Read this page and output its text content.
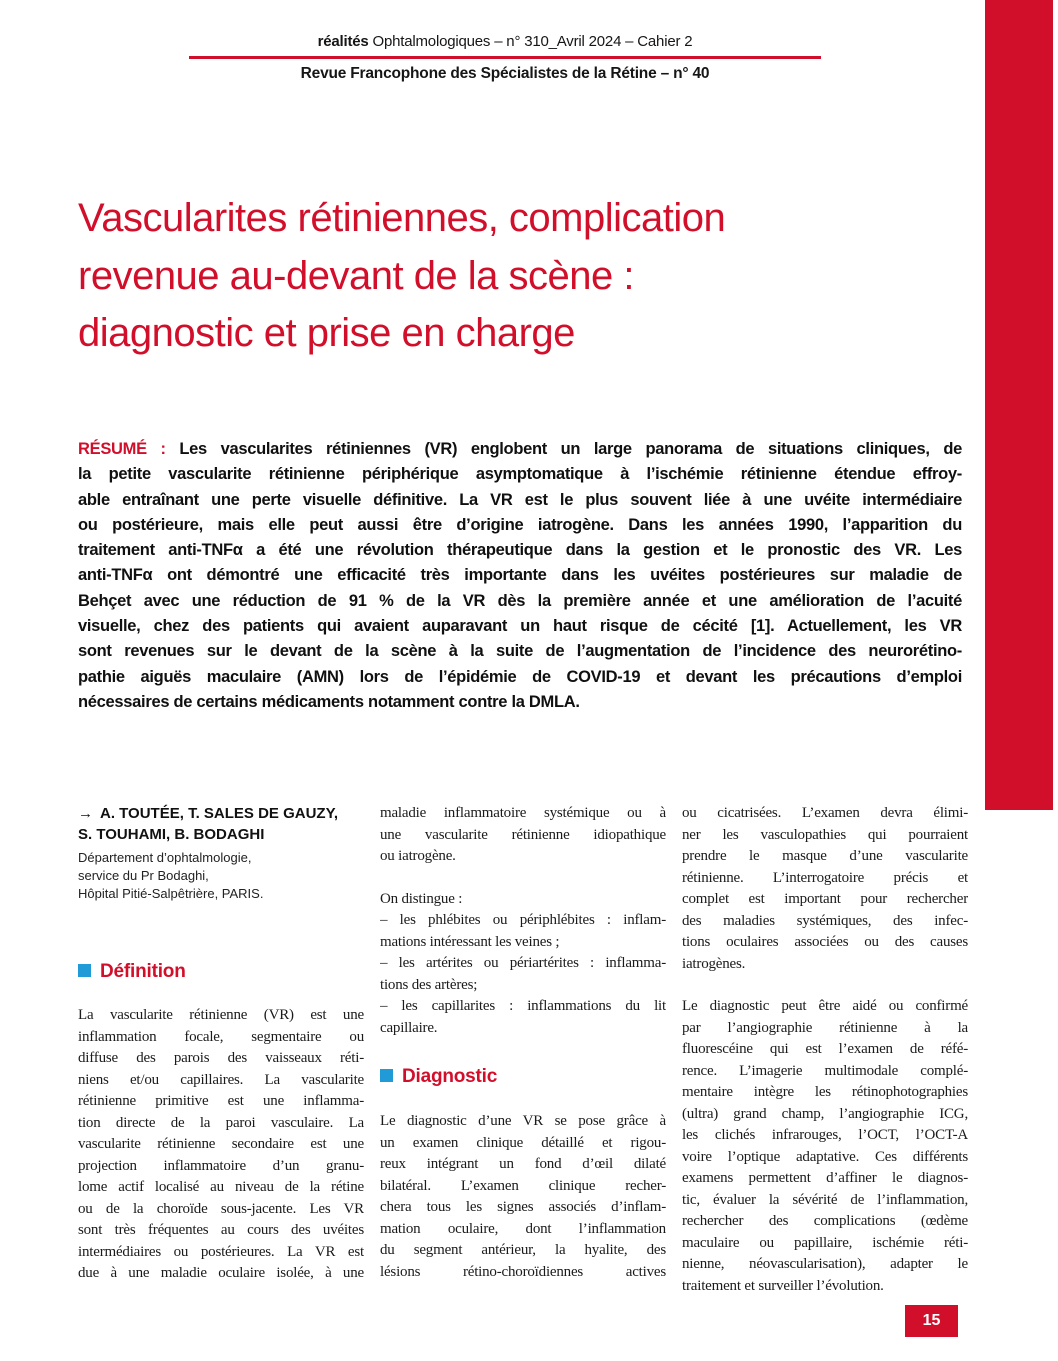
réalités Ophtalmologiques – n° 310_Avril 2024 – Cahier 2
Revue Francophone des Spécialistes de la Rétine – n° 40
Vascularites rétiniennes, complication
revenue au-devant de la scène :
diagnostic et prise en charge
RÉSUMÉ : Les vascularites rétiniennes (VR) englobent un large panorama de situations cliniques, de
la petite vascularite rétinienne périphérique asymptomatique à l’ischémie rétinienne étendue effroy-
able entraînant une perte visuelle définitive. La VR est le plus souvent liée à une uvéite intermédiaire
ou postérieure, mais elle peut aussi être d’origine iatrogène. Dans les années 1990, l’apparition du
traitement anti-TNFα a été une révolution thérapeutique dans la gestion et le pronostic des VR. Les
anti-TNFα ont démontré une efficacité très importante dans les uvéites postérieures sur maladie de
Behçet avec une réduction de 91 % de la VR dès la première année et une amélioration de l’acuité
visuelle, chez des patients qui avaient auparavant un haut risque de cécité [1]. Actuellement, les VR
sont revenues sur le devant de la scène à la suite de l’augmentation de l’incidence des neurorétino-
pathie aiguës maculaire (AMN) lors de l’épidémie de COVID-19 et devant les précautions d’emploi
nécessaires de certains médicaments notamment contre la DMLA.
→ A. TOUTÉE, T. SALES DE GAUZY,
S. TOUHAMI, B. BODAGHI
Département d’ophtalmologie,
service du Pr Bodaghi,
Hôpital Pitié-Salpêtrière, PARIS.
Définition
La vascularite rétinienne (VR) est une
inflammation focale, segmentaire ou
diffuse des parois des vaisseaux réti-
niens et/ou capillaires. La vascularite
rétinienne primitive est une inflamma-
tion directe de la paroi vasculaire. La
vascularite rétinienne secondaire est une
projection inflammatoire d’un granu-
lome actif localisé au niveau de la rétine
ou de la choroïde sous-jacente. Les VR
sont très fréquentes au cours des uvéites
intermédiaires ou postérieures. La VR est
due à une maladie oculaire isolée, à une
maladie inflammatoire systémique ou à
une vascularite rétinienne idiopathique
ou iatrogène.
On distingue :
– les phlébites ou périphlébites : inflam-
mations intéressant les veines ;
– les artérites ou périartérites : inflamma-
tions des artères;
– les capillarites : inflammations du lit
capillaire.
Diagnostic
Le diagnostic d’une VR se pose grâce à
un examen clinique détaillé et rigou-
reux intégrant un fond d’œil dilaté
bilatéral. L’examen clinique recher-
chera tous les signes associés d’inflam-
mation oculaire, dont l’inflammation
du segment antérieur, la hyalite, des
lésions rétino-choroïdiennes actives
ou cicatrisées. L’examen devra élimi-
ner les vasculopathies qui pourraient
prendre le masque d’une vascularite
rétinienne. L’interrogatoire précis et
complet est important pour rechercher
des maladies systémiques, des infec-
tions oculaires associées ou des causes
iatrogènes.
Le diagnostic peut être aidé ou confirmé
par l’angiographie rétinienne à la
fluorescéine qui est l’examen de réfé-
rence. L’imagerie multimodale complé-
mentaire intègre les rétinophotographies
(ultra) grand champ, l’angiographie ICG,
les clichés infrarouges, l’OCT, l’OCT-A
voire l’optique adaptative. Ces différents
examens permettent d’affiner le diagnos-
tic, évaluer la sévérité de l’inflammation,
rechercher des complications (œdème
maculaire ou papillaire, ischémie réti-
nienne, néovascularisation), adapter le
traitement et surveiller l’évolution.
15
